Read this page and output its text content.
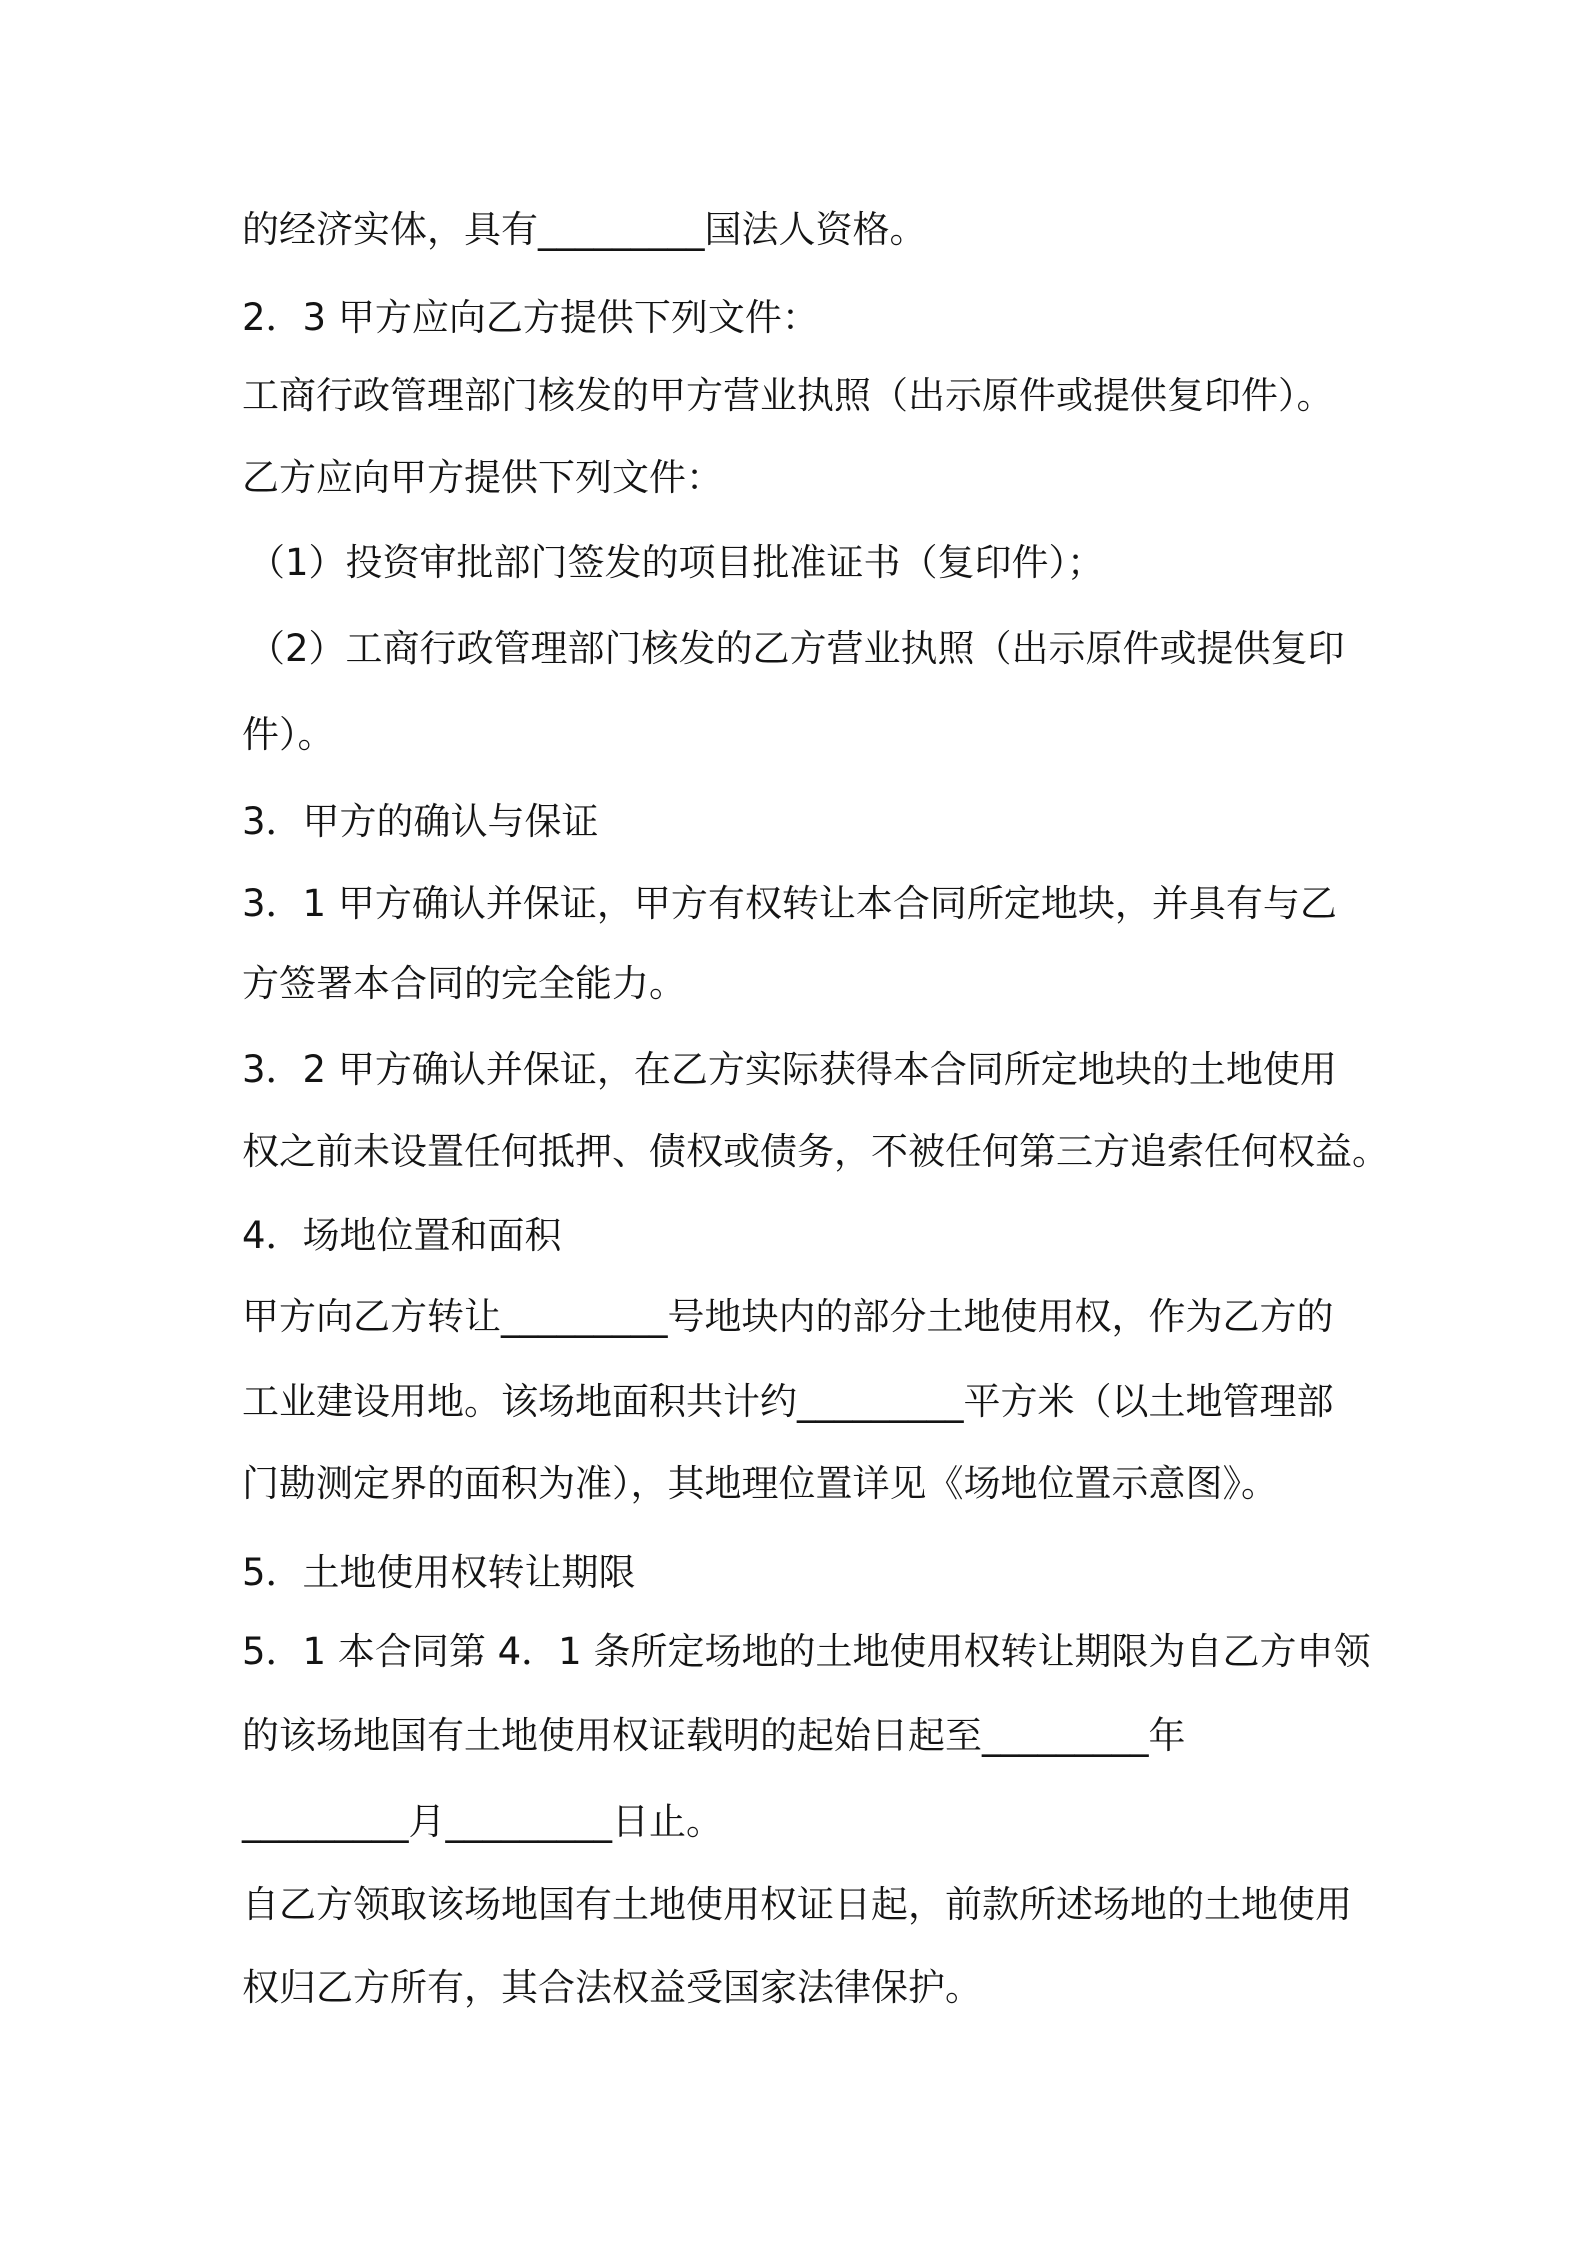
的经济实体，具有_________国法人资格。
2．3 甲方应向乙方提供下列文件：
工商行政管理部门核发的甲方营业执照（出示原件或提供复印件）。
乙方应向甲方提供下列文件：
（1）投资审批部门签发的项目批准证书（复印件）；
（2）工商行政管理部门核发的乙方营业执照（出示原件或提供复印
件）。
3．甲方的确认与保证
3．1 甲方确认并保证，甲方有权转让本合同所定地块，并具有与乙
方签署本合同的完全能力。
3．2 甲方确认并保证，在乙方实际获得本合同所定地块的土地使用
权之前未设置任何抵押、债权或债务，不被任何第三方追索任何权益。
4．场地位置和面积
甲方向乙方转让_________号地块内的部分土地使用权，作为乙方的
工业建设用地。该场地面积共计约_________平方米（以土地管理部
门勘测定界的面积为准），其地理位置详见《场地位置示意图》。
5．土地使用权转让期限
5．1 本合同第 4．1 条所定场地的土地使用权转让期限为自乙方申领
的该场地国有土地使用权证载明的起始日起至_________年
_________月_________日止。
自乙方领取该场地国有土地使用权证日起，前款所述场地的土地使用
权归乙方所有，其合法权益受国家法律保护。
